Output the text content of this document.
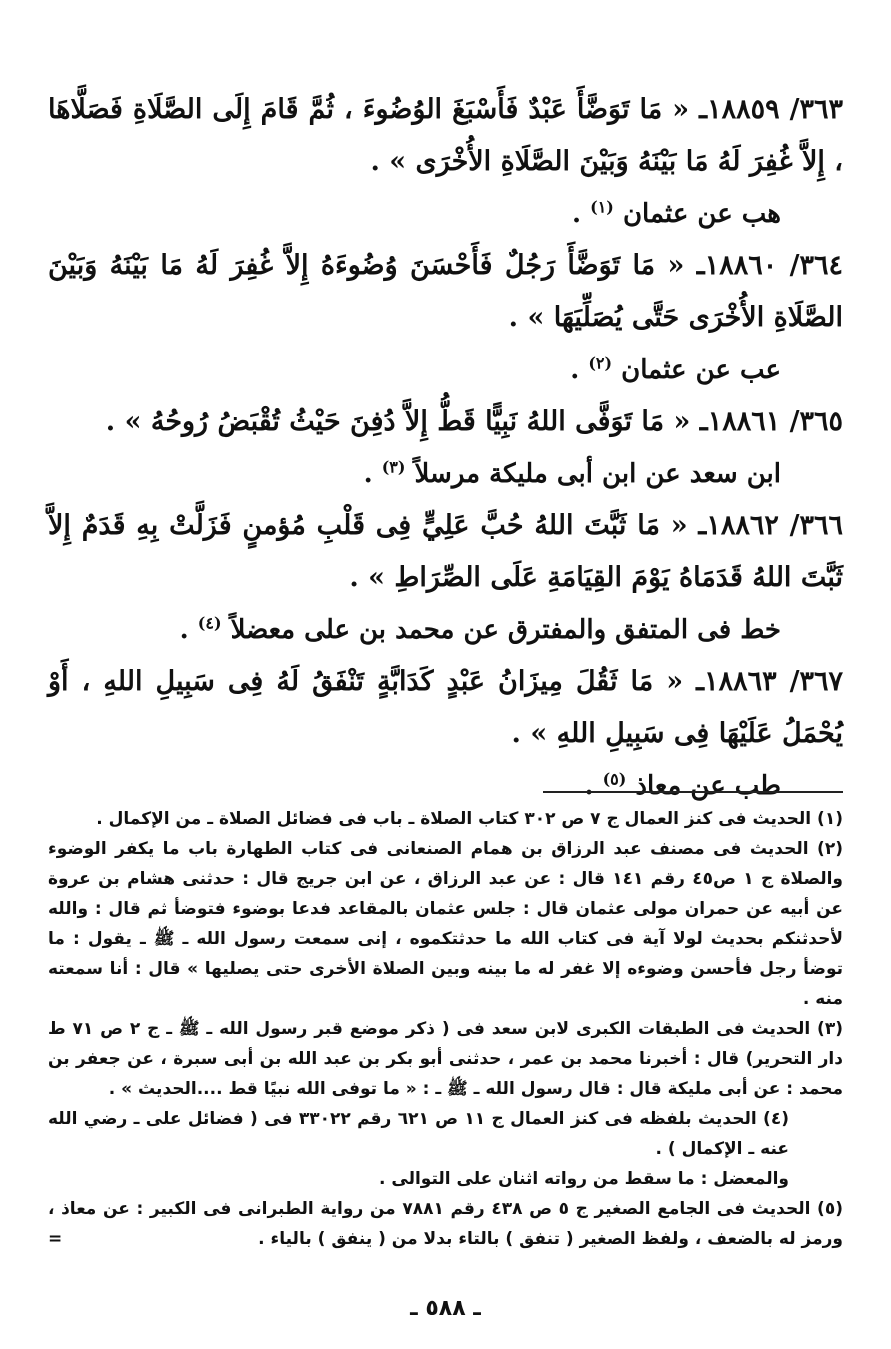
٣٦٣/ ١٨٨٥٩ـ « مَا تَوَضَّأَ عَبْدٌ فَأَسْبَغَ الوُضُوءَ ، ثُمَّ قَامَ إِلَى الصَّلَاةِ فَصَلَّاهَا ، إِلاَّ غُفِرَ لَهُ مَا بَيْنَهُ وَبَيْنَ الصَّلَاةِ الأُخْرَى » .

هب عن عثمان $^{(١)}$ .

٣٦٤/ ١٨٨٦٠ـ « مَا تَوَضَّأَ رَجُلٌ فَأَحْسَنَ وُضُوءَهُ إِلاَّ غُفِرَ لَهُ مَا بَيْنَهُ وَبَيْنَ الصَّلَاةِ الأُخْرَى حَتَّى يُصَلِّيَهَا » .

عب عن عثمان $^{(٢)}$ .

٣٦٥/ ١٨٨٦١ـ « مَا تَوَفَّى اللهُ نَبِيًّا قَطُّ إِلاَّ دُفِنَ حَيْثُ تُقْبَضُ رُوحُهُ » .

ابن سعد عن ابن أبى مليكة مرسلاً $^{(٣)}$ .

٣٦٦/ ١٨٨٦٢ـ « مَا ثَبَّتَ اللهُ حُبَّ عَلِيٍّ فِى قَلْبِ مُؤمنٍ فَزَلَّتْ بِهِ قَدَمٌ إِلاَّ ثَبَّتَ اللهُ قَدَمَاهُ يَوْمَ القِيَامَةِ عَلَى الصِّرَاطِ » .

خط فى المتفق والمفترق عن محمد بن على معضلاً $^{(٤)}$ .

٣٦٧/ ١٨٨٦٣ـ « مَا ثَقُلَ مِيزَانُ عَبْدٍ كَدَابَّةٍ تَنْفَقُ لَهُ فِى سَبِيلِ اللهِ ، أَوْ يُحْمَلُ عَلَيْهَا فِى سَبِيلِ اللهِ » .

طب عن معاذ $^{(٥)}$ .

(١) الحديث فى كنز العمال ج ٧ ص ٣٠٢ كتاب الصلاة ـ باب فى فضائل الصلاة ـ من الإكمال .

(٢) الحديث فى مصنف عبد الرزاق بن همام الصنعانى فى كتاب الطهارة باب ما يكفر الوضوء والصلاة ج ١ ص٤٥ رقم ١٤١ قال : عن عبد الرزاق ، عن ابن جريج قال : حدثنى هشام بن عروة عن أبيه عن حمران مولى عثمان قال : جلس عثمان بالمقاعد فدعا بوضوء فتوضأ ثم قال : والله لأحدثنكم بحديث لولا آية فى كتاب الله ما حدثتكموه ، إنى سمعت رسول الله ـ ﷺ ـ يقول : ما توضأ رجل فأحسن وضوءه إلا غفر له ما بينه وبين الصلاة الأخرى حتى يصليها » قال : أنا سمعته منه .

(٣) الحديث فى الطبقات الكبرى لابن سعد فى ( ذكر موضع قبر رسول الله ـ ﷺ ـ ج ٢ ص ٧١ ط دار التحرير) قال : أخبرنا محمد بن عمر ، حدثنى أبو بكر بن عبد الله بن أبى سبرة ، عن جعفر بن محمد : عن أبى مليكة قال : قال رسول الله ـ ﷺ ـ : « ما توفى الله نبيًا قط ....الحديث » .

(٤) الحديث بلفظه فى كنز العمال ج ١١ ص ٦٢١ رقم ٣٣٠٢٢ فى ( فضائل على ـ رضي الله عنه ـ الإكمال ) .

والمعضل : ما سقط من رواته اثنان على التوالى .

(٥) الحديث فى الجامع الصغير ج ٥ ص ٤٣٨ رقم ٧٨٨١ من رواية الطبرانى فى الكبير : عن معاذ ، ورمز له بالضعف ، ولفظ الصغير ( تنفق ) بالتاء بدلا من ( ينفق ) بالياء .
=

ـ ٥٨٨ ـ
